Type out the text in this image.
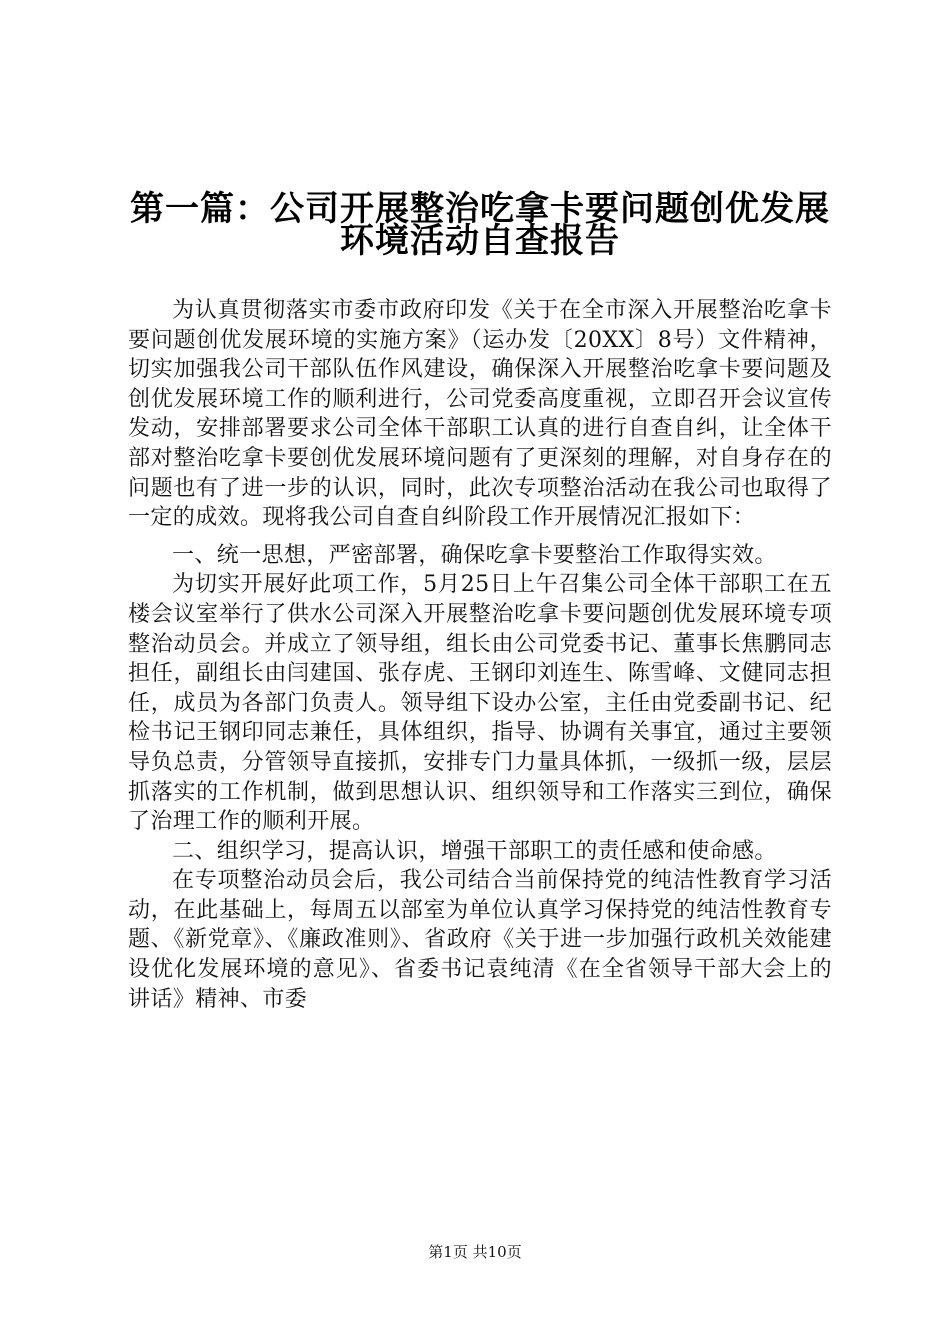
第一篇：公司开展整治吃拿卡要问题创优发展
环境活动自查报告

为认真贯彻落实市委市政府印发《关于在全市深入开展整治吃拿卡要问题创优发展环境的实施方案》（运办发〔20XX〕8号）文件精神，切实加强我公司干部队伍作风建设，确保深入开展整治吃拿卡要问题及创优发展环境工作的顺利进行，公司党委高度重视，立即召开会议宣传发动，安排部署要求公司全体干部职工认真的进行自查自纠，让全体干部对整治吃拿卡要创优发展环境问题有了更深刻的理解，对自身存在的问题也有了进一步的认识，同时，此次专项整治活动在我公司也取得了一定的成效。现将我公司自查自纠阶段工作开展情况汇报如下：

一、统一思想，严密部署，确保吃拿卡要整治工作取得实效。

为切实开展好此项工作，5月25日上午召集公司全体干部职工在五楼会议室举行了供水公司深入开展整治吃拿卡要问题创优发展环境专项整治动员会。并成立了领导组，组长由公司党委书记、董事长焦鹏同志担任，副组长由闫建国、张存虎、王钢印刘连生、陈雪峰、文健同志担任，成员为各部门负责人。领导组下设办公室，主任由党委副书记、纪检书记王钢印同志兼任，具体组织，指导、协调有关事宜，通过主要领导负总责，分管领导直接抓，安排专门力量具体抓，一级抓一级，层层抓落实的工作机制，做到思想认识、组织领导和工作落实三到位，确保了治理工作的顺利开展。

二、组织学习，提高认识，增强干部职工的责任感和使命感。

在专项整治动员会后，我公司结合当前保持党的纯洁性教育学习活动，在此基础上，每周五以部室为单位认真学习保持党的纯洁性教育专题、《新党章》、《廉政准则》、省政府《关于进一步加强行政机关效能建设优化发展环境的意见》、省委书记袁纯清《在全省领导干部大会上的讲话》精神、市委

第1页 共10页
